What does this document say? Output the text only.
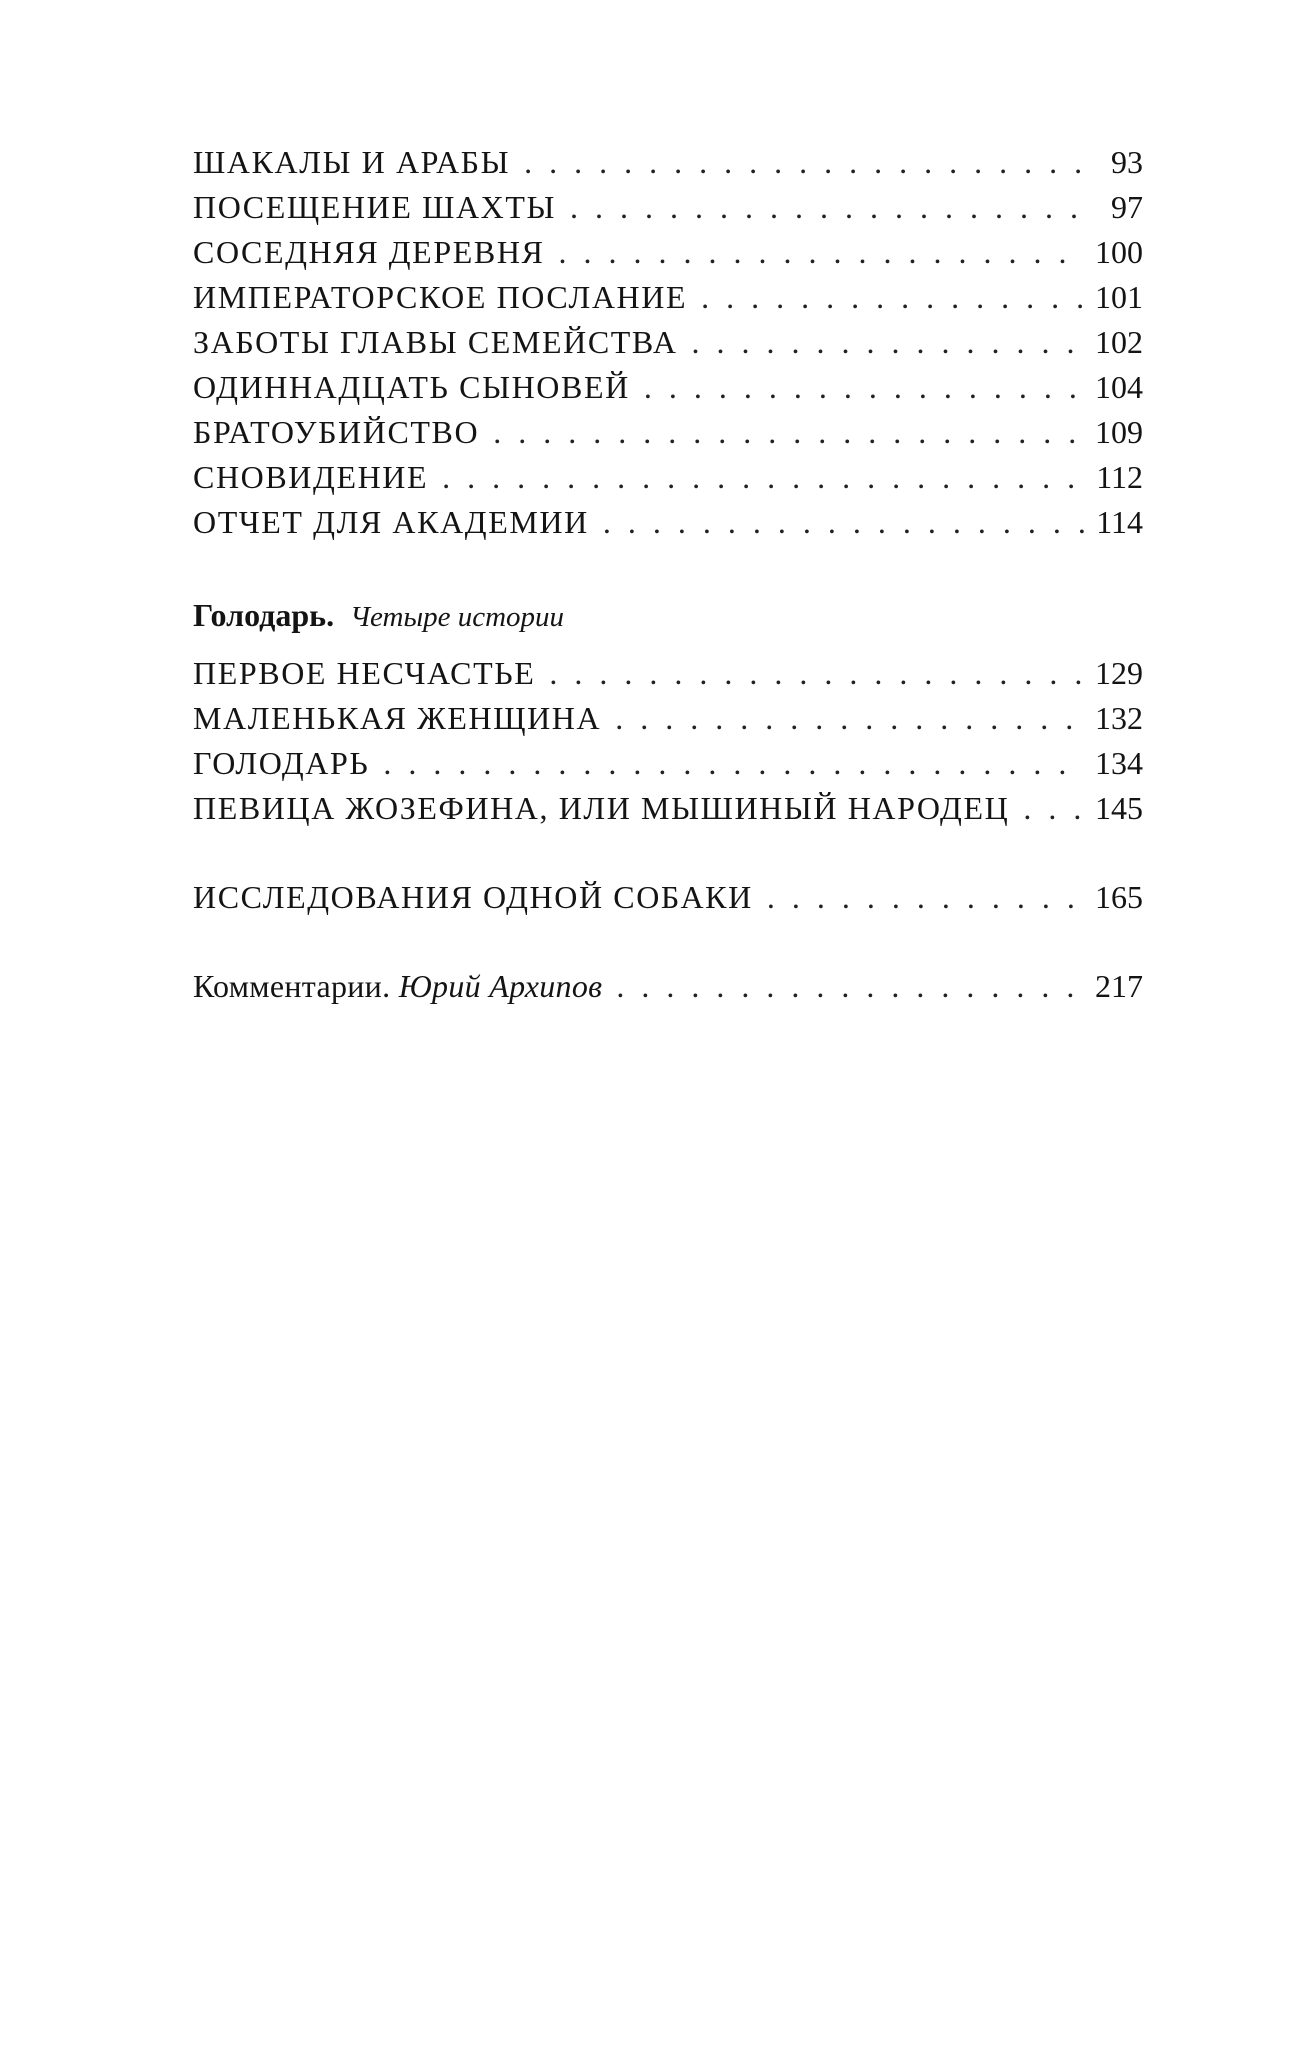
ШАКАЛЫ И АРАБЫ . . .	93
ПОСЕЩЕНИЕ ШАХТЫ . . .	97
СОСЕДНЯЯ ДЕРЕВНЯ . . .	100
ИМПЕРАТОРСКОЕ ПОСЛАНИЕ . . .	101
ЗАБОТЫ ГЛАВЫ СЕМЕЙСТВА . . .	102
ОДИННАДЦАТЬ СЫНОВЕЙ . . .	104
БРАТОУБИЙСТВО . . .	109
СНОВИДЕНИЕ . . .	112
ОТЧЕТ ДЛЯ АКАДЕМИИ . . .	114
Голодарь. Четыре истории
ПЕРВОЕ НЕСЧАСТЬЕ . . .	129
МАЛЕНЬКАЯ ЖЕНЩИНА . . .	132
ГОЛОДАРЬ . . .	134
ПЕВИЦА ЖОЗЕФИНА, ИЛИ МЫШИНЫЙ НАРОДЕЦ . . .	145
ИССЛЕДОВАНИЯ ОДНОЙ СОБАКИ . . .	165
Комментарии. Юрий Архипов . . .	217
